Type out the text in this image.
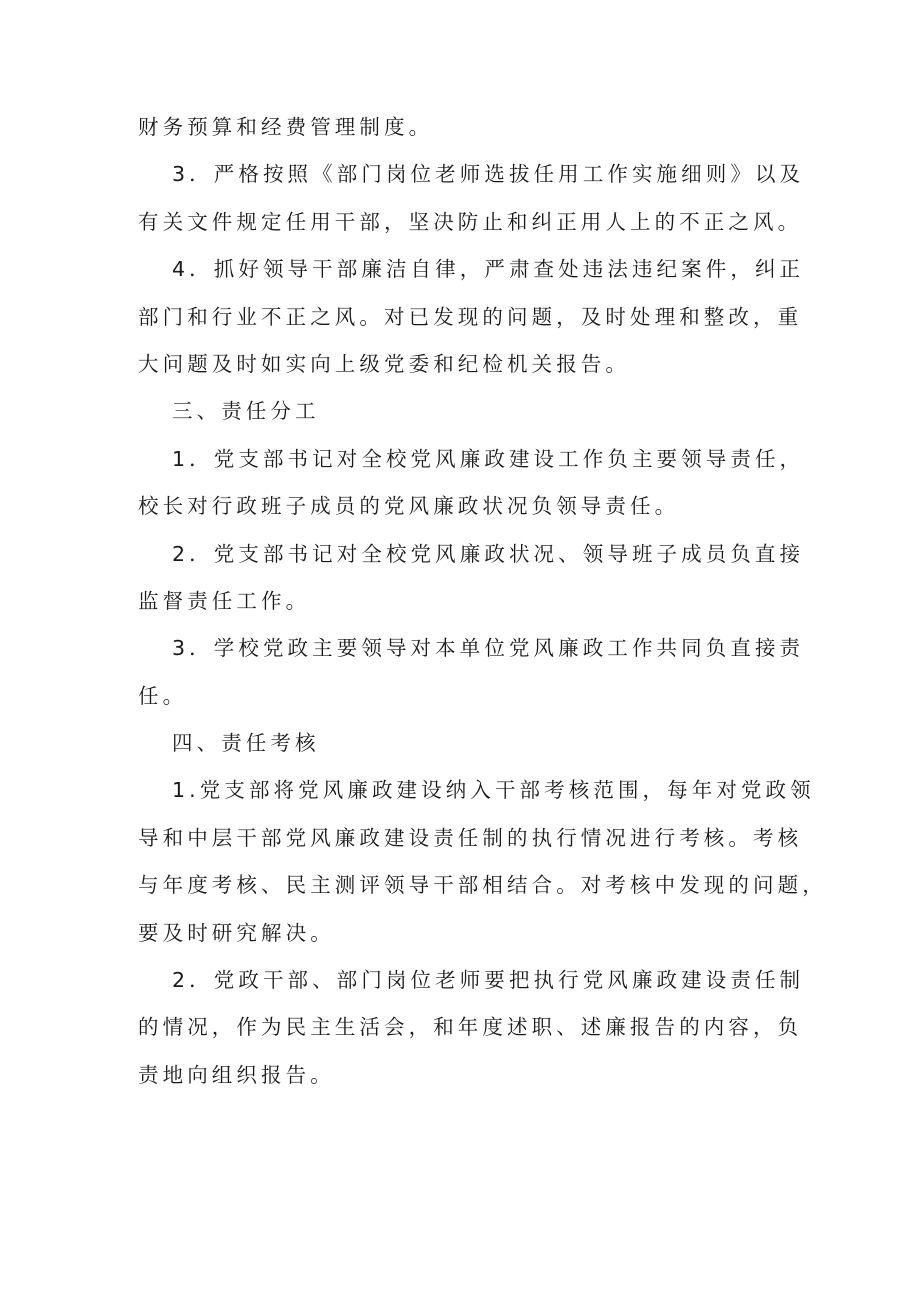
财务预算和经费管理制度。
3．严格按照《部门岗位老师选拔任用工作实施细则》以及
有关文件规定任用干部，坚决防止和纠正用人上的不正之风。
4．抓好领导干部廉洁自律，严肃查处违法违纪案件，纠正
部门和行业不正之风。对已发现的问题，及时处理和整改，重
大问题及时如实向上级党委和纪检机关报告。
三、责任分工
1．党支部书记对全校党风廉政建设工作负主要领导责任，
校长对行政班子成员的党风廉政状况负领导责任。
2．党支部书记对全校党风廉政状况、领导班子成员负直接
监督责任工作。
3．学校党政主要领导对本单位党风廉政工作共同负直接责
任。
四、责任考核
1.党支部将党风廉政建设纳入干部考核范围，每年对党政领
导和中层干部党风廉政建设责任制的执行情况进行考核。考核
与年度考核、民主测评领导干部相结合。对考核中发现的问题，
要及时研究解决。
2．党政干部、部门岗位老师要把执行党风廉政建设责任制
的情况，作为民主生活会，和年度述职、述廉报告的内容，负
责地向组织报告。
